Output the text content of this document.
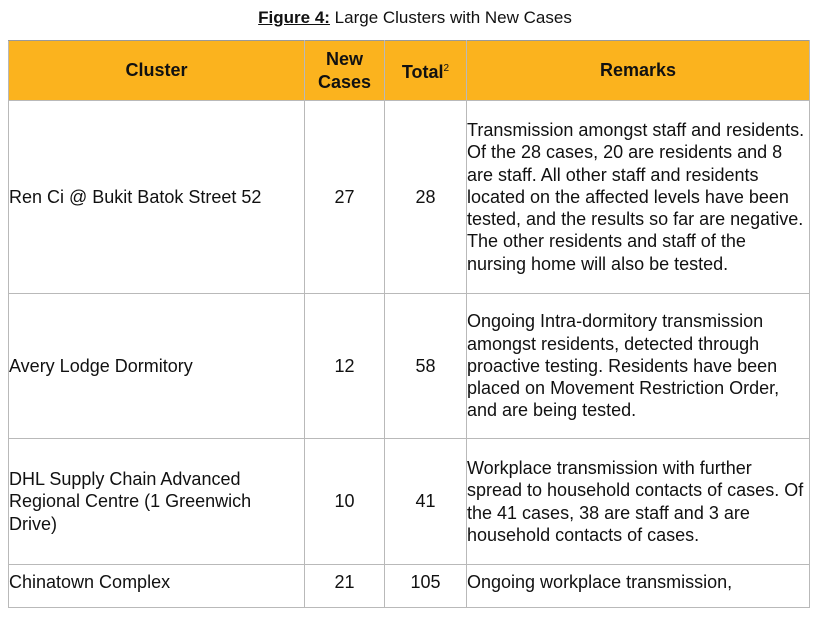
Figure 4: Large Clusters with New Cases
Cluster	New Cases	Total$^2$	Remarks
Ren Ci @ Bukit Batok Street 52	27	28	Transmission amongst staff and residents. Of the 28 cases, 20 are residents and 8 are staff. All other staff and residents located on the affected levels have been tested, and the results so far are negative. The other residents and staff of the nursing home will also be tested.
Avery Lodge Dormitory	12	58	Ongoing Intra-dormitory transmission amongst residents, detected through proactive testing. Residents have been placed on Movement Restriction Order, and are being tested.
DHL Supply Chain Advanced Regional Centre (1 Greenwich Drive)	10	41	Workplace transmission with further spread to household contacts of cases. Of the 41 cases, 38 are staff and 3 are household contacts of cases.
Chinatown Complex	21	105	Ongoing workplace transmission,
